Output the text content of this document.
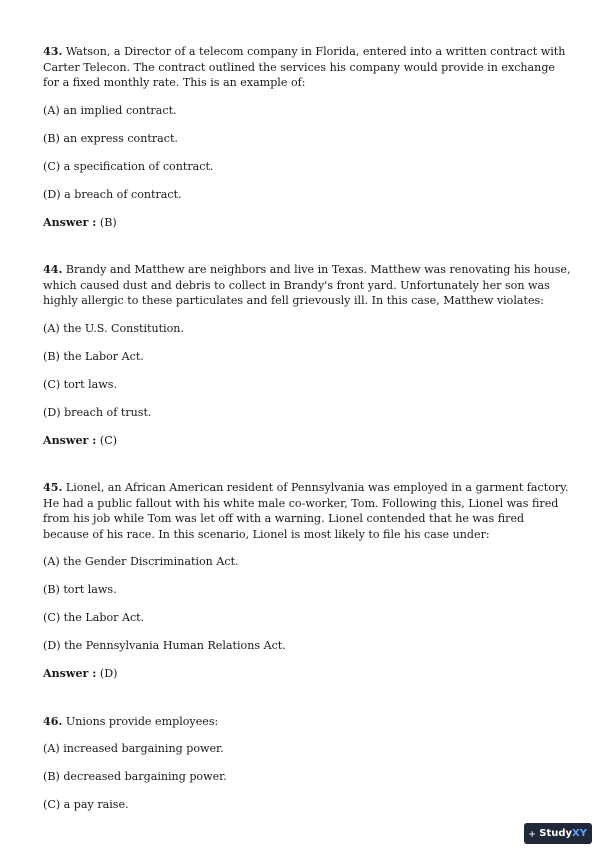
43. Watson, a Director of a telecom company in Florida, entered into a written contract with Carter Telecon. The contract outlined the services his company would provide in exchange for a fixed monthly rate. This is an example of:

(A) an implied contract.

(B) an express contract.

(C) a specification of contract.

(D) a breach of contract.

Answer : (B)

44. Brandy and Matthew are neighbors and live in Texas. Matthew was renovating his house, which caused dust and debris to collect in Brandy's front yard. Unfortunately her son was highly allergic to these particulates and fell grievously ill. In this case, Matthew violates:

(A) the U.S. Constitution.

(B) the Labor Act.

(C) tort laws.

(D) breach of trust.

Answer : (C)

45. Lionel, an African American resident of Pennsylvania was employed in a garment factory. He had a public fallout with his white male co-worker, Tom. Following this, Lionel was fired from his job while Tom was let off with a warning. Lionel contended that he was fired because of his race. In this scenario, Lionel is most likely to file his case under:

(A) the Gender Discrimination Act.

(B) tort laws.

(C) the Labor Act.

(D) the Pennsylvania Human Relations Act.

Answer : (D)

46. Unions provide employees:

(A) increased bargaining power.

(B) decreased bargaining power.

(C) a pay raise.

StudyXY
